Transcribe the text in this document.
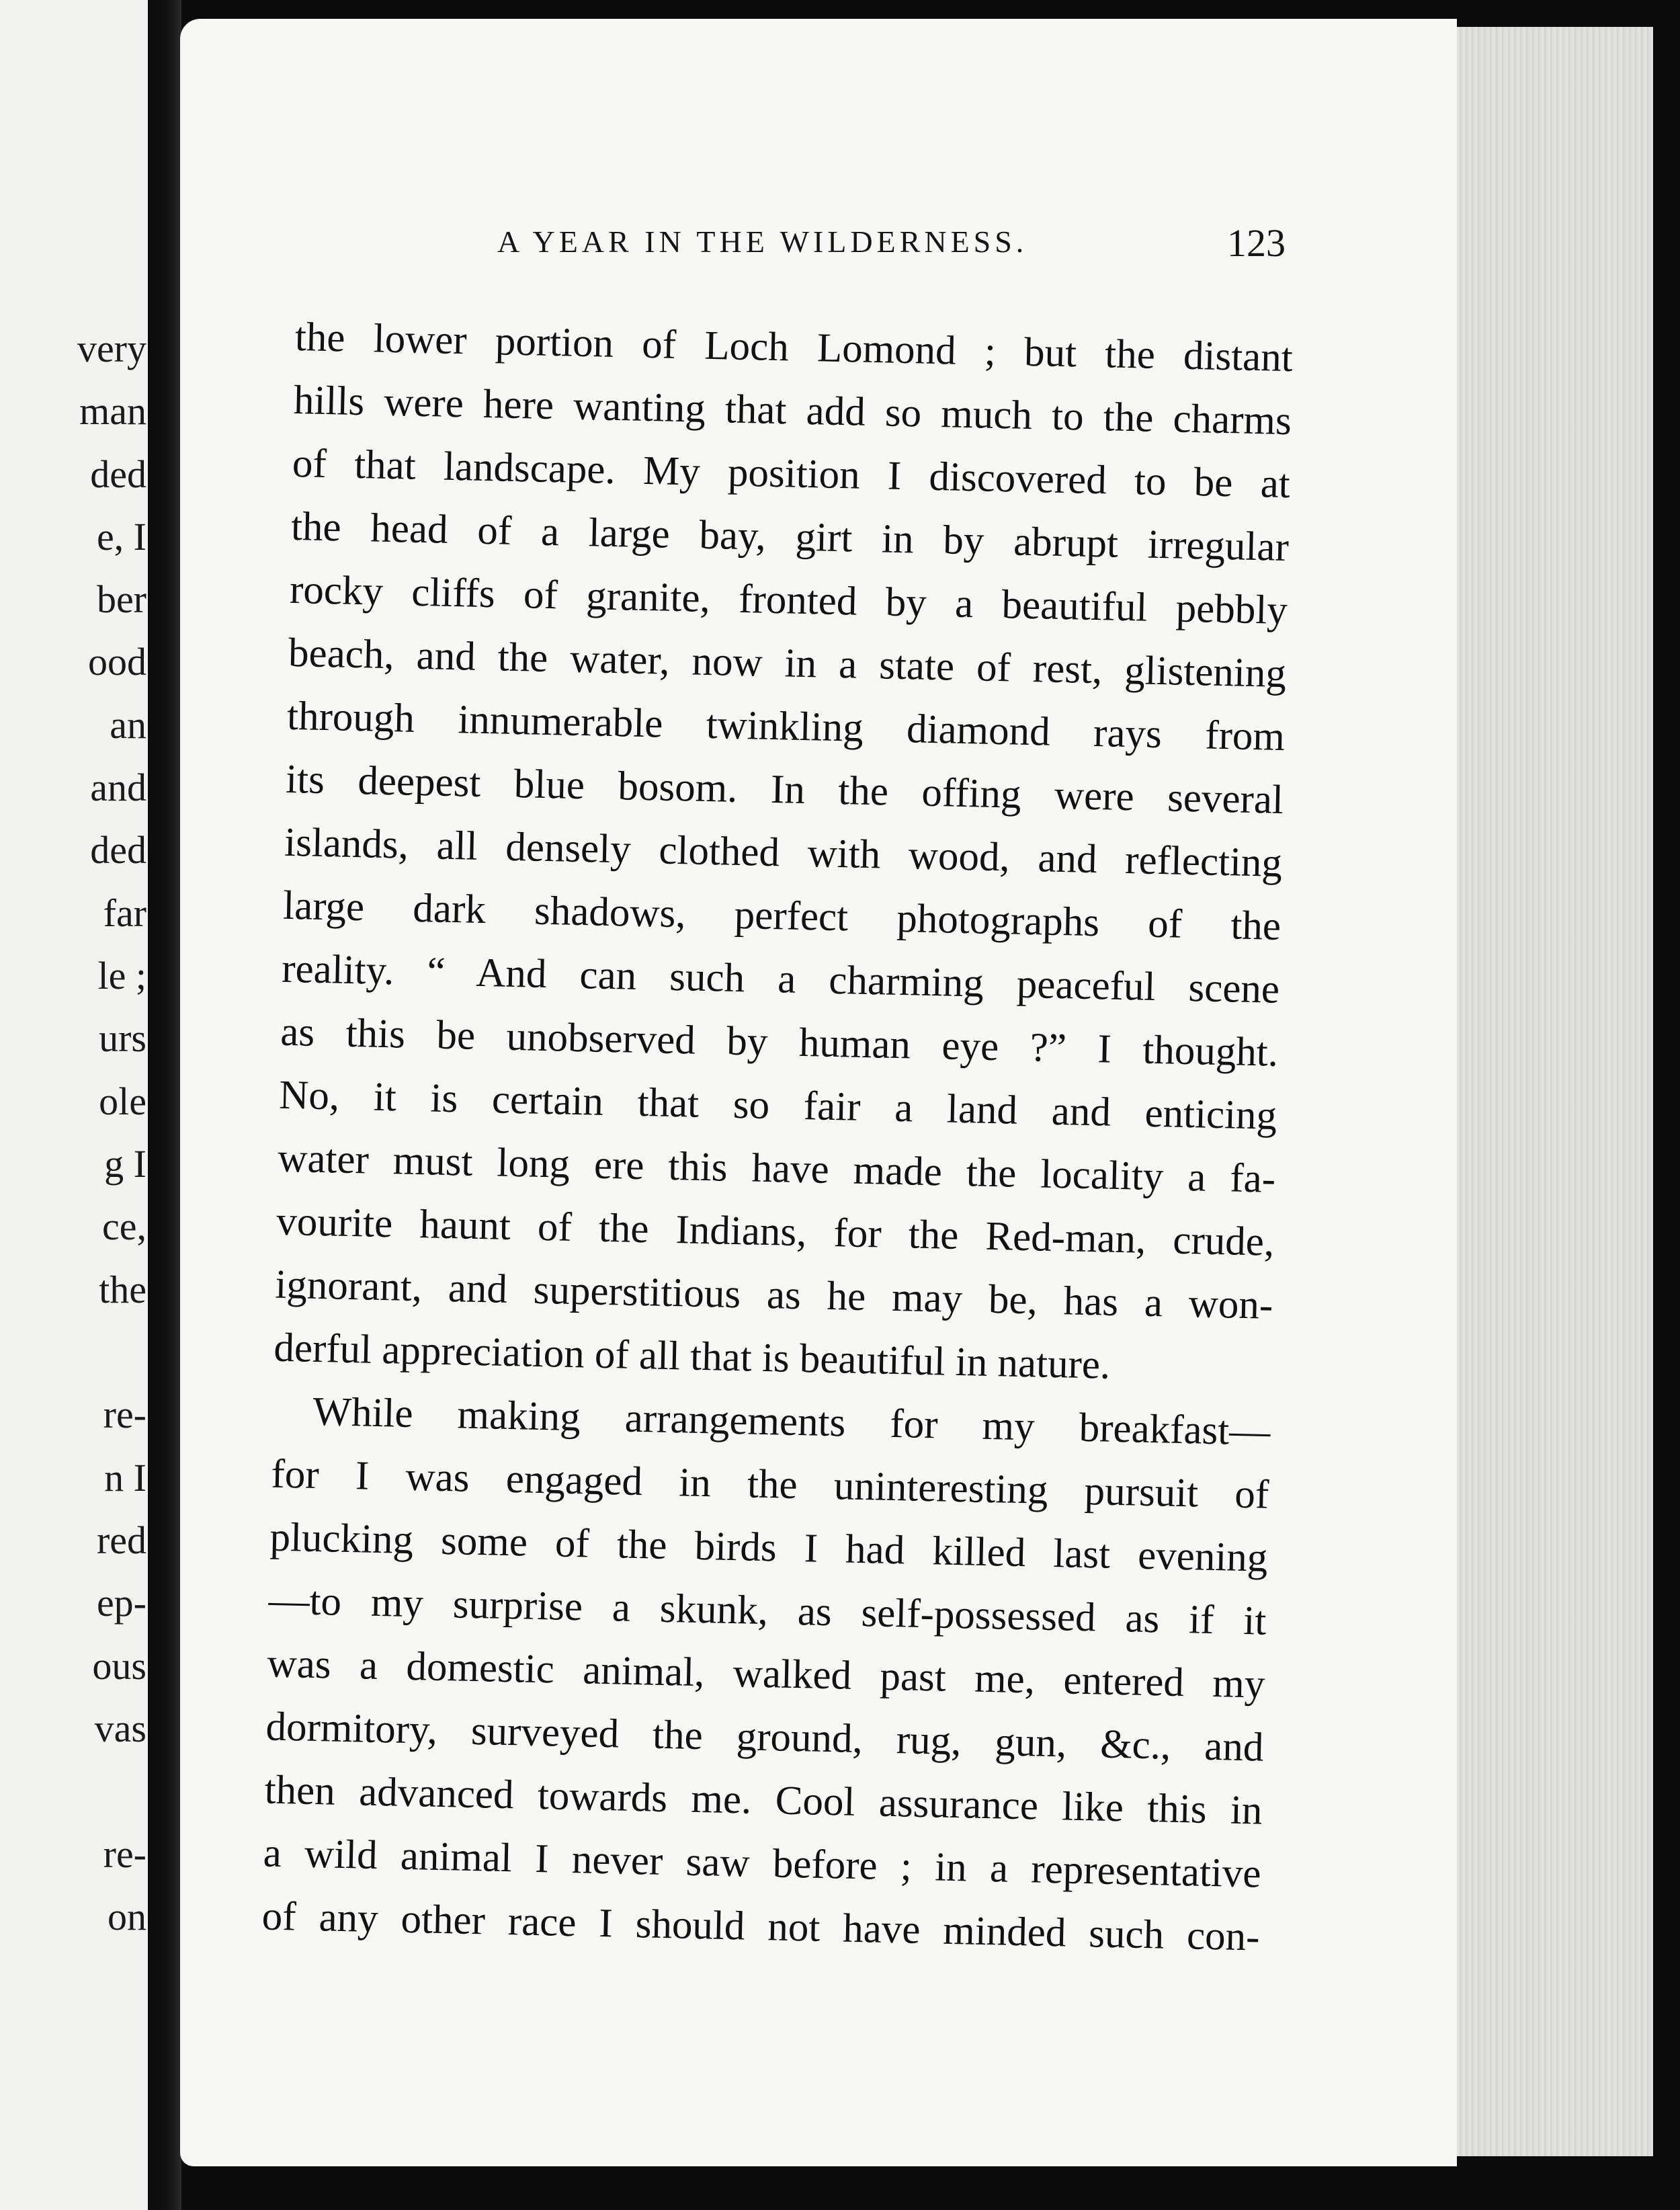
very
man
ded
e, I
ber
ood
an
and
ded
far
le ;
urs
ole
g I
ce,
the
re-
n I
red
ep-
ous
vas
re-
on
A YEAR IN THE WILDERNESS.	123
the lower portion of Loch Lomond ; but the distant
hills were here wanting that add so much to the charms
of that landscape. My position I discovered to be at
the head of a large bay, girt in by abrupt irregular
rocky cliffs of granite, fronted by a beautiful pebbly
beach, and the water, now in a state of rest, glistening
through innumerable twinkling diamond rays from
its deepest blue bosom. In the offing were several
islands, all densely clothed with wood, and reflecting
large dark shadows, perfect photographs of the
reality. “ And can such a charming peaceful scene
as this be unobserved by human eye ?” I thought.
No, it is certain that so fair a land and enticing
water must long ere this have made the locality a fa-
vourite haunt of the Indians, for the Red-man, crude,
ignorant, and superstitious as he may be, has a won-
derful appreciation of all that is beautiful in nature.
While making arrangements for my breakfast—
for I was engaged in the uninteresting pursuit of
plucking some of the birds I had killed last evening
—to my surprise a skunk, as self-possessed as if it
was a domestic animal, walked past me, entered my
dormitory, surveyed the ground, rug, gun, &c., and
then advanced towards me. Cool assurance like this in
a wild animal I never saw before ; in a representative
of any other race I should not have minded such con-
